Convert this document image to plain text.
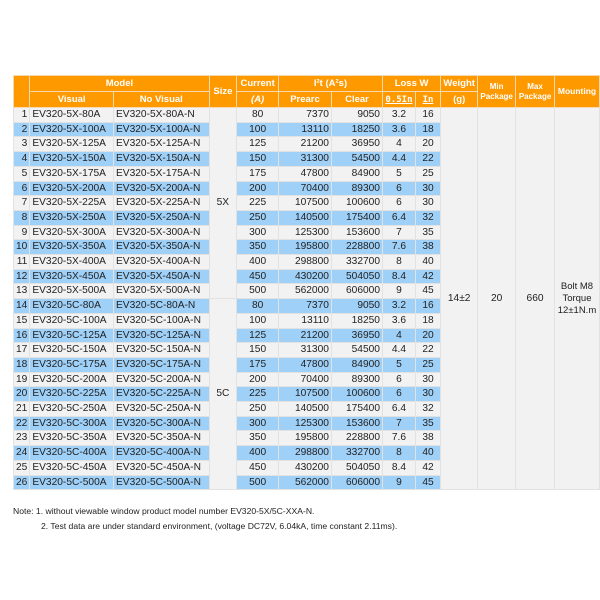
	Model		Size	Current	I²t (A²s)		Loss W		Weight	Min Package	Max Package	Mounting
	Visual	No Visual		(A)	Prearc	Clear	0.5In	In	(g)			
1	EV320-5X-80A	EV320-5X-80A-N	5X	80	7370	9050	3.2	16	14±2	20	660	Bolt M8 Torque 12±1N.m
2	EV320-5X-100A	EV320-5X-100A-N		100	13110	18250	3.6	18				
3	EV320-5X-125A	EV320-5X-125A-N		125	21200	36950	4	20				
4	EV320-5X-150A	EV320-5X-150A-N		150	31300	54500	4.4	22				
5	EV320-5X-175A	EV320-5X-175A-N		175	47800	84900	5	25				
6	EV320-5X-200A	EV320-5X-200A-N		200	70400	89300	6	30				
7	EV320-5X-225A	EV320-5X-225A-N		225	107500	100600	6	30				
8	EV320-5X-250A	EV320-5X-250A-N		250	140500	175400	6.4	32				
9	EV320-5X-300A	EV320-5X-300A-N		300	125300	153600	7	35				
10	EV320-5X-350A	EV320-5X-350A-N		350	195800	228800	7.6	38				
11	EV320-5X-400A	EV320-5X-400A-N		400	298800	332700	8	40				
12	EV320-5X-450A	EV320-5X-450A-N		450	430200	504050	8.4	42				
13	EV320-5X-500A	EV320-5X-500A-N		500	562000	606000	9	45				
14	EV320-5C-80A	EV320-5C-80A-N	5C	80	7370	9050	3.2	16				
15	EV320-5C-100A	EV320-5C-100A-N		100	13110	18250	3.6	18				
16	EV320-5C-125A	EV320-5C-125A-N		125	21200	36950	4	20				
17	EV320-5C-150A	EV320-5C-150A-N		150	31300	54500	4.4	22				
18	EV320-5C-175A	EV320-5C-175A-N		175	47800	84900	5	25				
19	EV320-5C-200A	EV320-5C-200A-N		200	70400	89300	6	30				
20	EV320-5C-225A	EV320-5C-225A-N		225	107500	100600	6	30				
21	EV320-5C-250A	EV320-5C-250A-N		250	140500	175400	6.4	32				
22	EV320-5C-300A	EV320-5C-300A-N		300	125300	153600	7	35				
23	EV320-5C-350A	EV320-5C-350A-N		350	195800	228800	7.6	38				
24	EV320-5C-400A	EV320-5C-400A-N		400	298800	332700	8	40				
25	EV320-5C-450A	EV320-5C-450A-N		450	430200	504050	8.4	42				
26	EV320-5C-500A	EV320-5C-500A-N		500	562000	606000	9	45				
Note: 1. without viewable window product model number EV320-5X/5C-XXA-N.
2. Test data are under standard environment, (voltage DC72V, 6.04kA, time constant 2.11ms).
